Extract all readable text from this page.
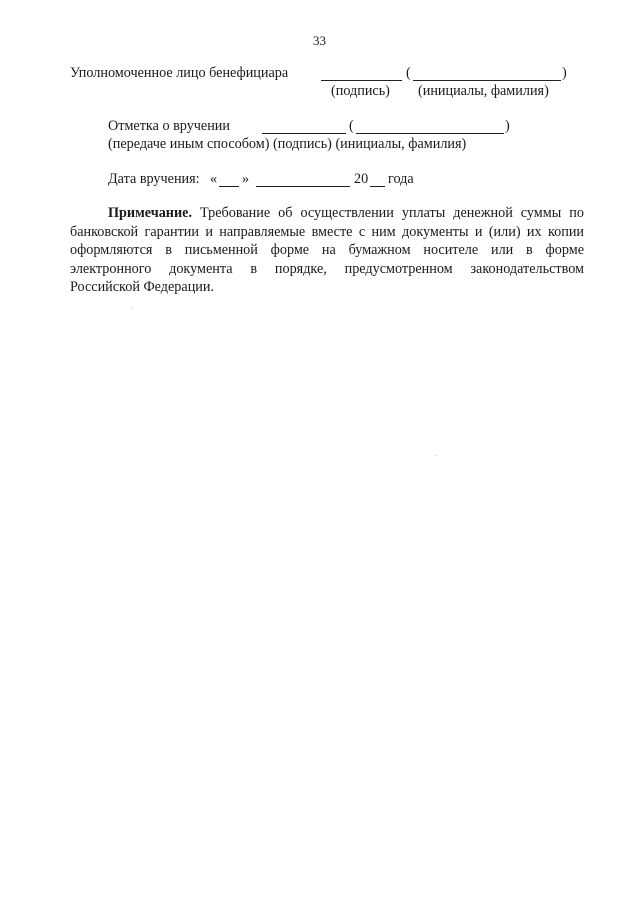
33
Уполномоченное лицо бенефициара	(	)
(подпись) (инициалы, фамилия)
Отметка о вручении	(	)
(передаче иным способом) (подпись) (инициалы, фамилия)
Дата вручения: « »	20 года
Примечание. Требование об осуществлении уплаты денежной суммы по банковской гарантии и направляемые вместе с ним документы и (или) их копии оформляются в письменной форме на бумажном носителе или в форме электронного документа в порядке, предусмотренном законодательством Российской Федерации.
